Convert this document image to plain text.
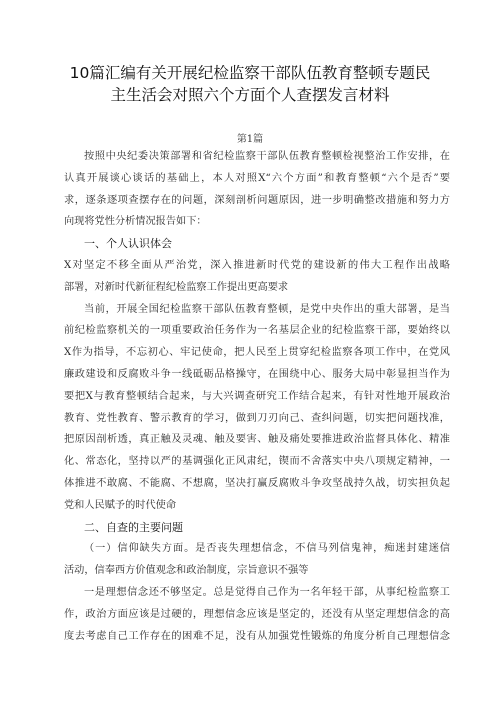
10篇汇编有关开展纪检监察干部队伍教育整顿专题民
主生活会对照六个方面个人查摆发言材料
第1篇
按照中央纪委决策部署和省纪检监察干部队伍教育整顿检视整治工作安排，在
认真开展谈心谈话的基础上，本人对照X“六个方面”和教育整顿“六个是否”要
求，逐条逐项查摆存在的问题，深刻剖析问题原因，进一步明确整改措施和努力方
向现将党性分析情况报告如下：
一、个人认识体会
X对坚定不移全面从严治党，深入推进新时代党的建设新的伟大工程作出战略
部署，对新时代新征程纪检监察工作提出更高要求
当前，开展全国纪检监察干部队伍教育整顿，是党中央作出的重大部署，是当
前纪检监察机关的一项重要政治任务作为一名基层企业的纪检监察干部，要始终以
X作为指导，不忘初心、牢记使命，把人民至上贯穿纪检监察各项工作中，在党风
廉政建设和反腐败斗争一线砥砺品格操守，在围绕中心、服务大局中彰显担当作为
要把X与教育整顿结合起来，与大兴调查研究工作结合起来，有针对性地开展政治
教育、党性教育、警示教育的学习，做到刀刃向己、查纠问题，切实把问题找准，
把原因剖析透，真正触及灵魂、触及要害、触及痛处要推进政治监督具体化、精准
化、常态化，坚持以严的基调强化正风肃纪，锲而不舍落实中央八项规定精神，一
体推进不敢腐、不能腐、不想腐，坚决打赢反腐败斗争攻坚战持久战，切实担负起
党和人民赋予的时代使命
二、自查的主要问题
（一）信仰缺失方面。是否丧失理想信念，不信马列信鬼神，痴迷封建迷信
活动，信奉西方价值观念和政治制度，宗旨意识不强等
一是理想信念还不够坚定。总是觉得自己作为一名年轻干部，从事纪检监察工
作，政治方面应该是过硬的，理想信念应该是坚定的，还没有从坚定理想信念的高
度去考虑自己工作存在的困难不足，没有从加强党性锻炼的角度分析自己理想信念
